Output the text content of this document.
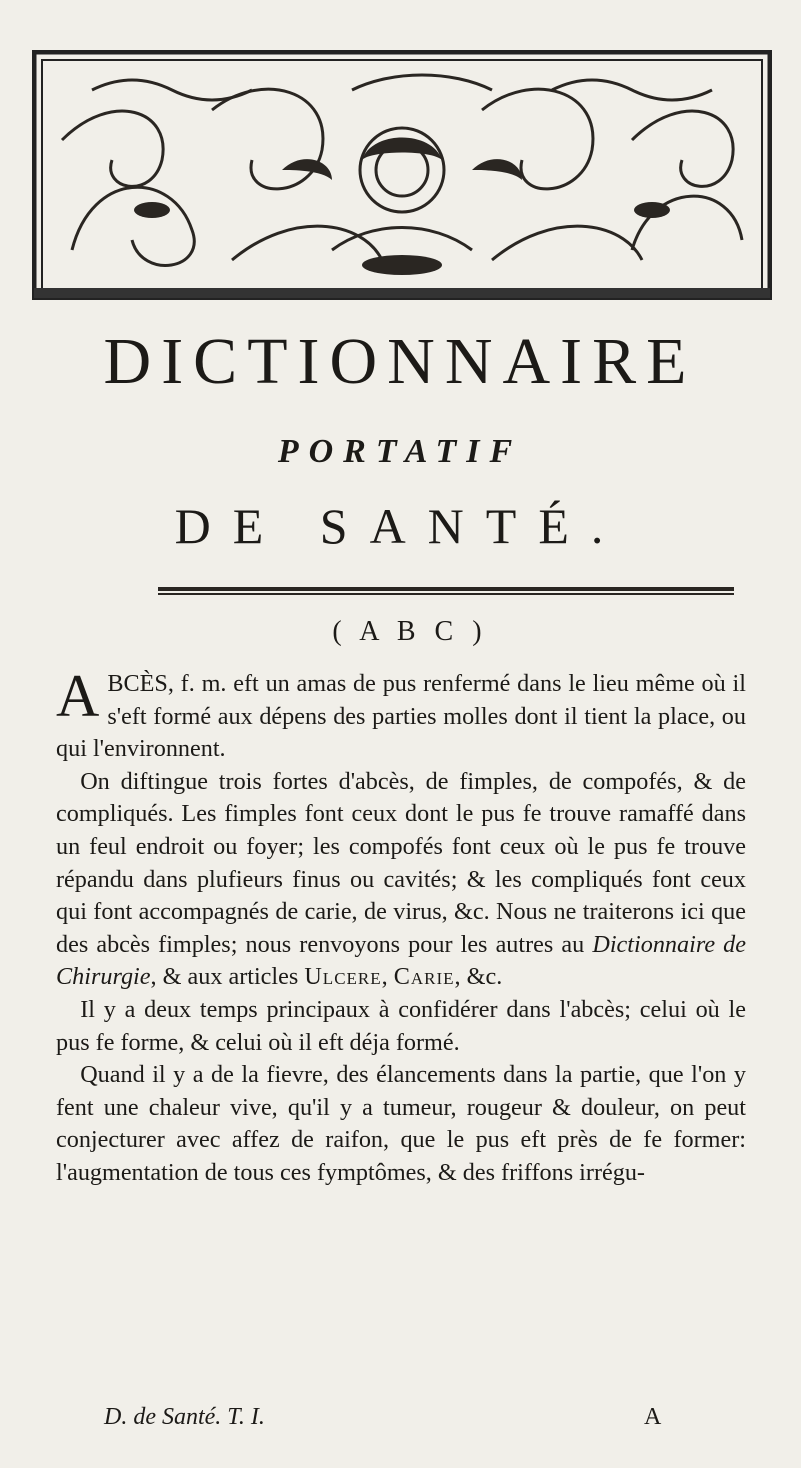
DICTIONNAIRE
PORTATIF
DE SANTÉ.
( A B C )

ABCÈS, f. m. eft un amas de pus renfermé dans le lieu même où il s'eft formé aux dépens des parties molles dont il tient la place, ou qui l'environnent.

On diftingue trois fortes d'abcès, de fimples, de compofés, & de compliqués. Les fimples font ceux dont le pus fe trouve ramaffé dans un feul endroit ou foyer; les compofés font ceux où le pus fe trouve répandu dans plufieurs finus ou cavités; & les compliqués font ceux qui font accompagnés de carie, de virus, &c. Nous ne traiterons ici que des abcès fimples; nous renvoyons pour les autres au Dictionnaire de Chirurgie, & aux articles Ulcere, Carie, &c.

Il y a deux temps principaux à confidérer dans l'abcès; celui où le pus fe forme, & celui où il eft déja formé.

Quand il y a de la fievre, des élancements dans la partie, que l'on y fent une chaleur vive, qu'il y a tumeur, rougeur & douleur, on peut conjecturer avec affez de raifon, que le pus eft près de fe former: l'augmentation de tous ces fymptômes, & des friffons irrégu-

D. de Santé. T. I.	A
